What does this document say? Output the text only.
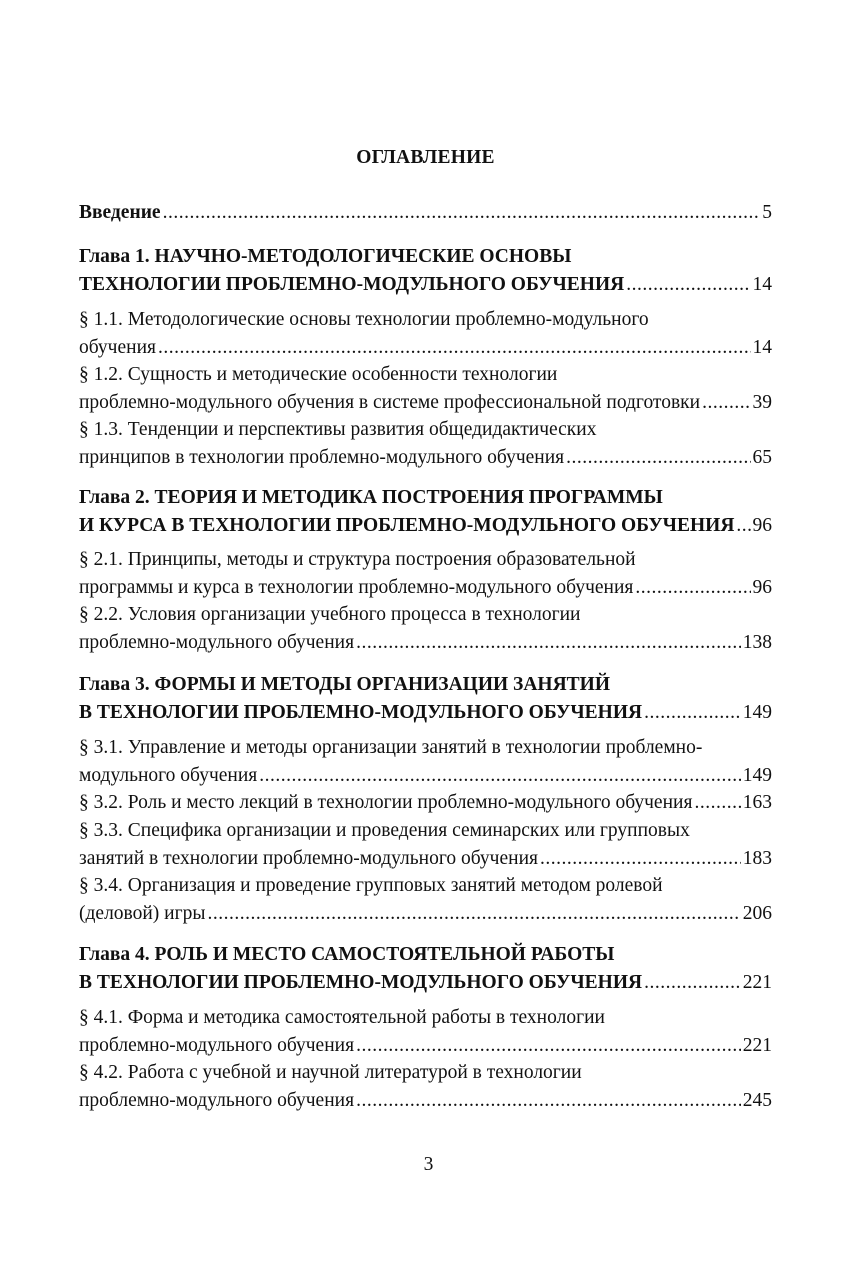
ОГЛАВЛЕНИЕ
Введение .....	5
Глава 1. НАУЧНО-МЕТОДОЛОГИЧЕСКИЕ ОСНОВЫ
ТЕХНОЛОГИИ ПРОБЛЕМНО-МОДУЛЬНОГО ОБУЧЕНИЯ .....	14
§ 1.1. Методологические основы технологии проблемно-модульного
обучения .....	14
§ 1.2. Сущность и методические особенности технологии
проблемно-модульного обучения в системе профессиональной подготовки .....	39
§ 1.3. Тенденции и перспективы развития общедидактических
принципов в технологии проблемно-модульного обучения .....	65
Глава 2. ТЕОРИЯ И МЕТОДИКА ПОСТРОЕНИЯ ПРОГРАММЫ
И КУРСА В ТЕХНОЛОГИИ ПРОБЛЕМНО-МОДУЛЬНОГО ОБУЧЕНИЯ ..... 96
§ 2.1. Принципы, методы и структура построения образовательной
программы и курса в технологии проблемно-модульного обучения .....	96
§ 2.2. Условия организации учебного процесса в технологии
проблемно-модульного обучения .....	138
Глава 3. ФОРМЫ И МЕТОДЫ ОРГАНИЗАЦИИ ЗАНЯТИЙ
В ТЕХНОЛОГИИ ПРОБЛЕМНО-МОДУЛЬНОГО ОБУЧЕНИЯ .....	149
§ 3.1. Управление и методы организации занятий в технологии проблемно-
модульного обучения .....	149
§ 3.2. Роль и место лекций в технологии проблемно-модульного обучения .....	163
§ 3.3. Специфика организации и проведения семинарских или групповых
занятий в технологии проблемно-модульного обучения .....	183
§ 3.4. Организация и проведение групповых занятий методом ролевой
(деловой) игры .....	206
Глава 4. РОЛЬ И МЕСТО САМОСТОЯТЕЛЬНОЙ РАБОТЫ
В ТЕХНОЛОГИИ ПРОБЛЕМНО-МОДУЛЬНОГО ОБУЧЕНИЯ .....	221
§ 4.1. Форма и методика самостоятельной работы в технологии
проблемно-модульного обучения .....	221
§ 4.2. Работа с учебной и научной литературой в технологии
проблемно-модульного обучения .....	245
3
